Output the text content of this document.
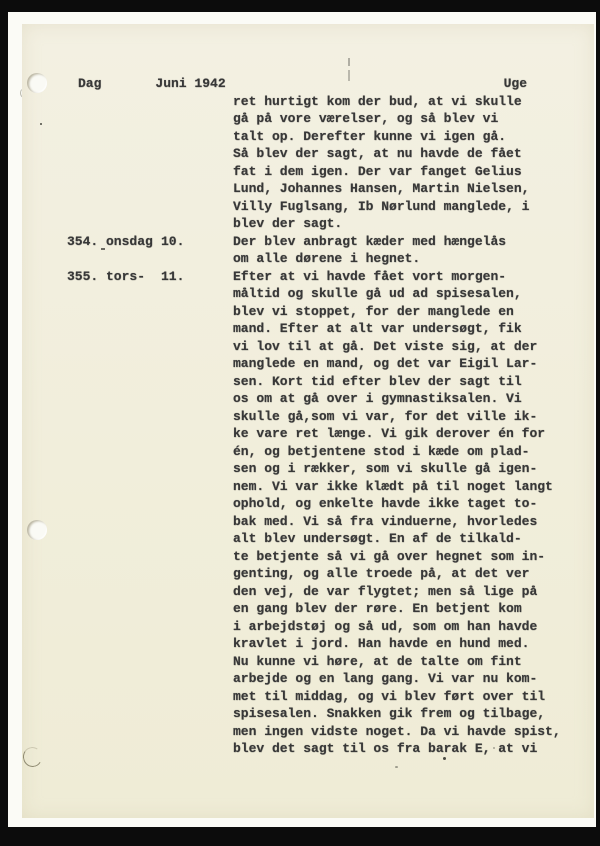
Dag	Juni 1942	Uge
ret hurtigt kom der bud, at vi skulle
gå på vore værelser, og så blev vi
talt op. Derefter kunne vi igen gå.
Så blev der sagt, at nu havde de fået
fat i dem igen. Der var fanget Gelius
Lund, Johannes Hansen, Martin Nielsen,
Villy Fuglsang, Ib Nørlund manglede, i
blev der sagt.
354. onsdag 10.	Der blev anbragt kæder med hængelås
om alle dørene i hegnet.
355. tors-	11.	Efter at vi havde fået vort morgen-
måltid og skulle gå ud ad spisesalen,
blev vi stoppet, for der manglede en
mand. Efter at alt var undersøgt, fik
vi lov til at gå. Det viste sig, at der
manglede en mand, og det var Eigil Lar-
sen. Kort tid efter blev der sagt til
os om at gå over i gymnastiksalen. Vi
skulle gå,som vi var, for det ville ik-
ke vare ret længe. Vi gik derover én for
én, og betjentene stod i kæde om plad-
sen og i rækker, som vi skulle gå igen-
nem. Vi var ikke klædt på til noget langt
ophold, og enkelte havde ikke taget to-
bak med. Vi så fra vinduerne, hvorledes
alt blev undersøgt. En af de tilkald-
te betjente så vi gå over hegnet som in-
genting, og alle troede på, at det ver
den vej, de var flygtet; men så lige på
en gang blev der røre. En betjent kom
i arbejdstøj og så ud, som om han havde
kravlet i jord. Han havde en hund med.
Nu kunne vi høre, at de talte om fint
arbejde og en lang gang. Vi var nu kom-
met til middag, og vi blev ført over til
spisesalen. Snakken gik frem og tilbage,
men ingen vidste noget. Da vi havde spist,
blev det sagt til os fra barak E, at vi
